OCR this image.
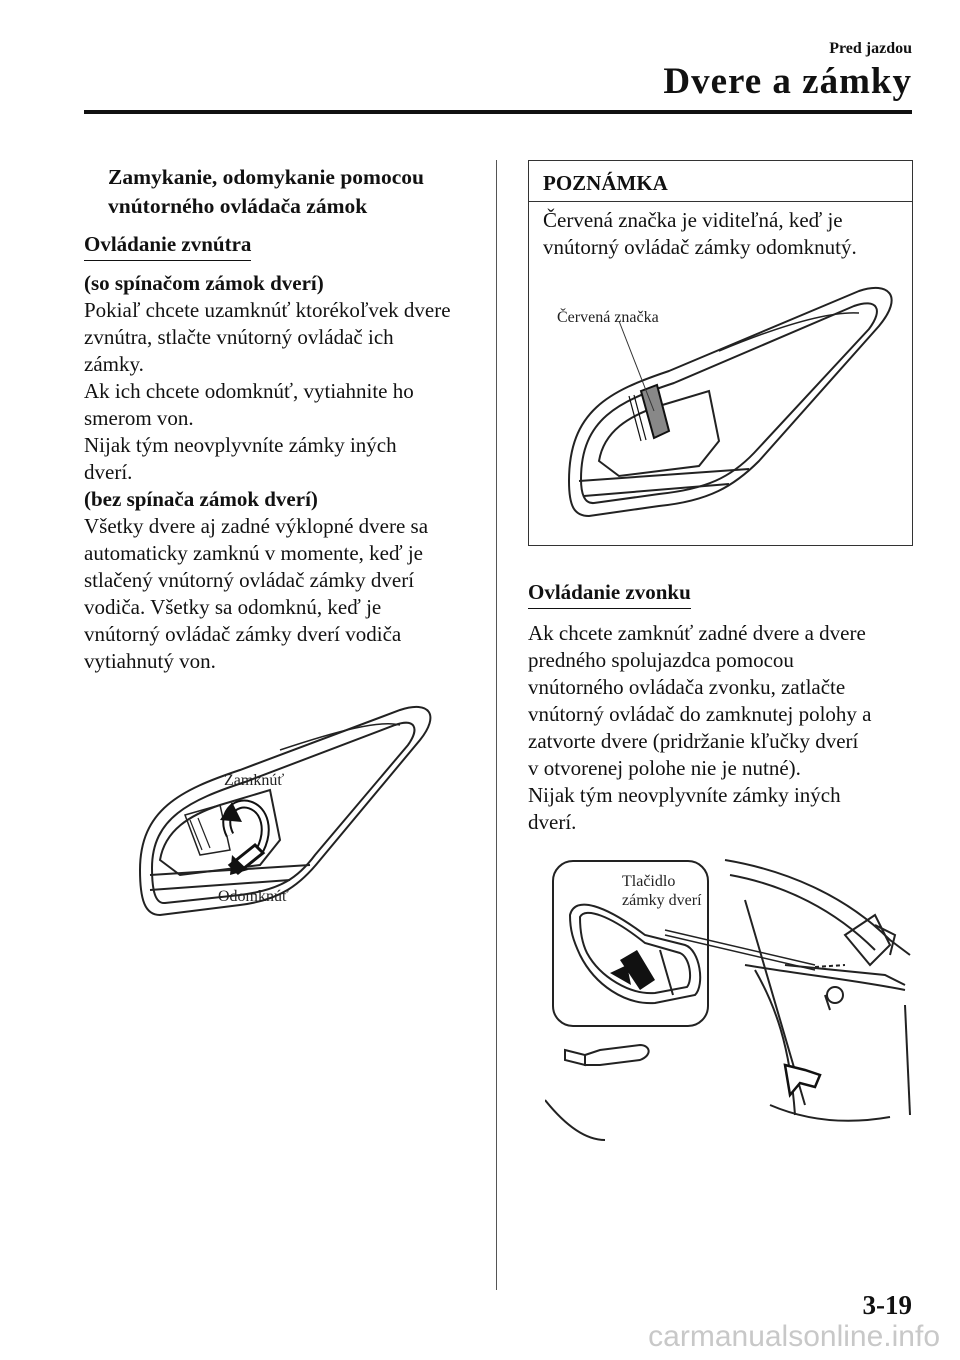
Pred jazdou
Dvere a zámky
Zamykanie, odomykanie pomocou
vnútorného ovládača zámok
Ovládanie zvnútra
(so spínačom zámok dverí)
Pokiaľ chcete uzamknúť ktorékoľvek dvere
zvnútra, stlačte vnútorný ovládač ich
zámky.
Ak ich chcete odomknúť, vytiahnite ho
smerom von.
Nijak tým neovplyvníte zámky iných
dverí.
(bez spínača zámok dverí)
Všetky dvere aj zadné výklopné dvere sa
automaticky zamknú v momente, keď je
stlačený vnútorný ovládač zámky dverí
vodiča. Všetky sa odomknú, keď je
vnútorný ovládač zámky dverí vodiča
vytiahnutý von.
Zamknúť
Odomknúť
POZNÁMKA
Červená značka je viditeľná, keď je
vnútorný ovládač zámky odomknutý.
Červená značka
Ovládanie zvonku
Ak chcete zamknúť zadné dvere a dvere
predného spolujazdca pomocou
vnútorného ovládača zvonku, zatlačte
vnútorný ovládač do zamknutej polohy a
zatvorte dvere (pridržanie kľučky dverí
v otvorenej polohe nie je nutné).
Nijak tým neovplyvníte zámky iných
dverí.
Tlačidlo
zámky dverí
3-19
carmanualsonline.info
